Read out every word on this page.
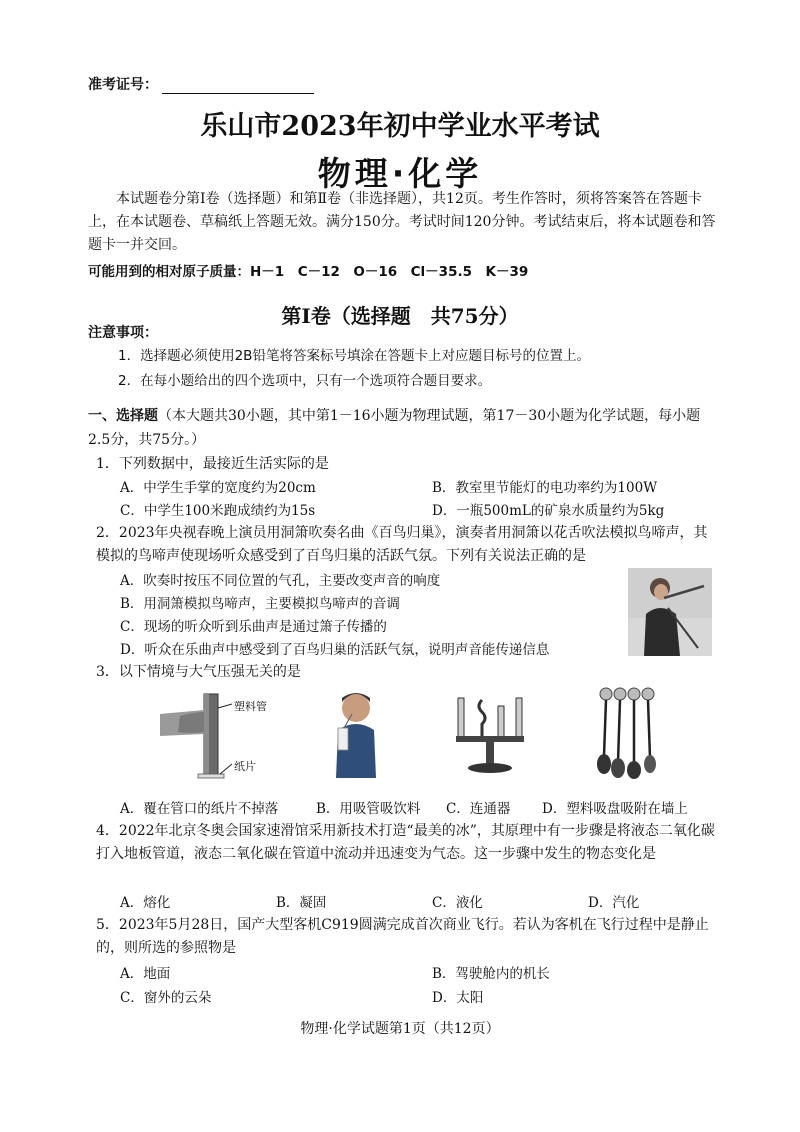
准考证号：
乐山市2023年初中学业水平考试
物理·化学
本试题卷分第Ⅰ卷（选择题）和第Ⅱ卷（非选择题），共12页。考生作答时，须将答案答在答题卡上，在本试题卷、草稿纸上答题无效。满分150分。考试时间120分钟。考试结束后，将本试题卷和答题卡一并交回。
可能用到的相对原子质量：H－1　C－12　O－16　Cl－35.5　K－39
第Ⅰ卷（选择题　共75分）
注意事项：
1．选择题必须使用2B铅笔将答案标号填涂在答题卡上对应题目标号的位置上。
2．在每小题给出的四个选项中，只有一个选项符合题目要求。
一、选择题（本大题共30小题，其中第1－16小题为物理试题，第17－30小题为化学试题，每小题2.5分，共75分。）
1．下列数据中，最接近生活实际的是
A．中学生手掌的宽度约为20cm	B．教室里节能灯的电功率约为100W
C．中学生100米跑成绩约为15s	D．一瓶500mL的矿泉水质量约为5kg
2．2023年央视春晚上演员用洞箫吹奏名曲《百鸟归巢》，演奏者用洞箫以花舌吹法模拟鸟啼声，其模拟的鸟啼声使现场听众感受到了百鸟归巢的活跃气氛。下列有关说法正确的是
A．吹奏时按压不同位置的气孔，主要改变声音的响度
B．用洞箫模拟鸟啼声，主要模拟鸟啼声的音调
C．现场的听众听到乐曲声是通过箫子传播的
D．听众在乐曲声中感受到了百鸟归巢的活跃气氛，说明声音能传递信息
3．以下情境与大气压强无关的是
塑料管
纸片
A．覆在管口的纸片不掉落	B．用吸管吸饮料 C．连通器 D．塑料吸盘吸附在墙上
4．2022年北京冬奥会国家速滑馆采用新技术打造“最美的冰”，其原理中有一步骤是将液态二氧化碳打入地板管道，液态二氧化碳在管道中流动并迅速变为气态。这一步骤中发生的物态变化是
A．熔化	B．凝固	C．液化	D．汽化
5．2023年5月28日，国产大型客机C919圆满完成首次商业飞行。若认为客机在飞行过程中是静止的，则所选的参照物是
A．地面	B．驾驶舱内的机长
C．窗外的云朵	D．太阳
物理·化学试题第1页（共12页）
